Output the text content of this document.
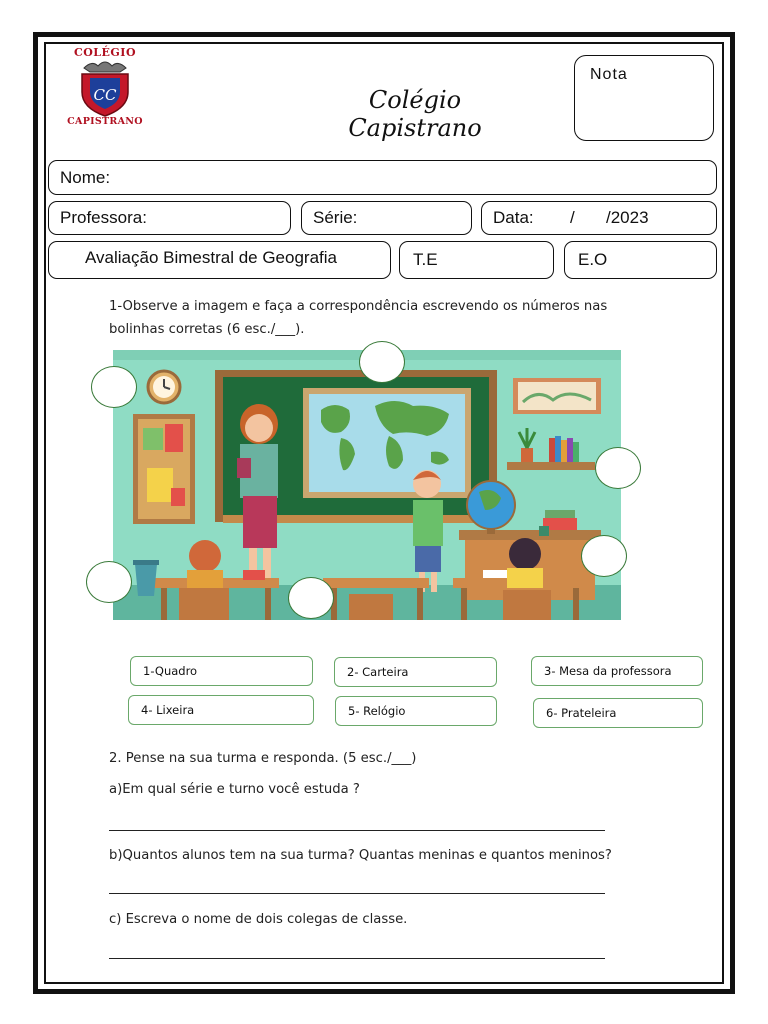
COLÉGIO
CC
CAPISTRANO
Colégio Capistrano
Nota
Nome:
Professora:	Série:	Data: / /2023
Avaliação Bimestral de Geografia	T.E	E.O
1-Observe a imagem e faça a correspondência escrevendo os números nas
bolinhas corretas (6 esc./___).
1-Quadro	2- Carteira	3- Mesa da professora
4- Lixeira	5- Relógio	6- Prateleira
2. Pense na sua turma e responda. (5 esc./___)
a)Em qual série e turno você estuda ?
b)Quantos alunos tem na sua turma? Quantas meninas e quantos meninos?
c) Escreva o nome de dois colegas de classe.
